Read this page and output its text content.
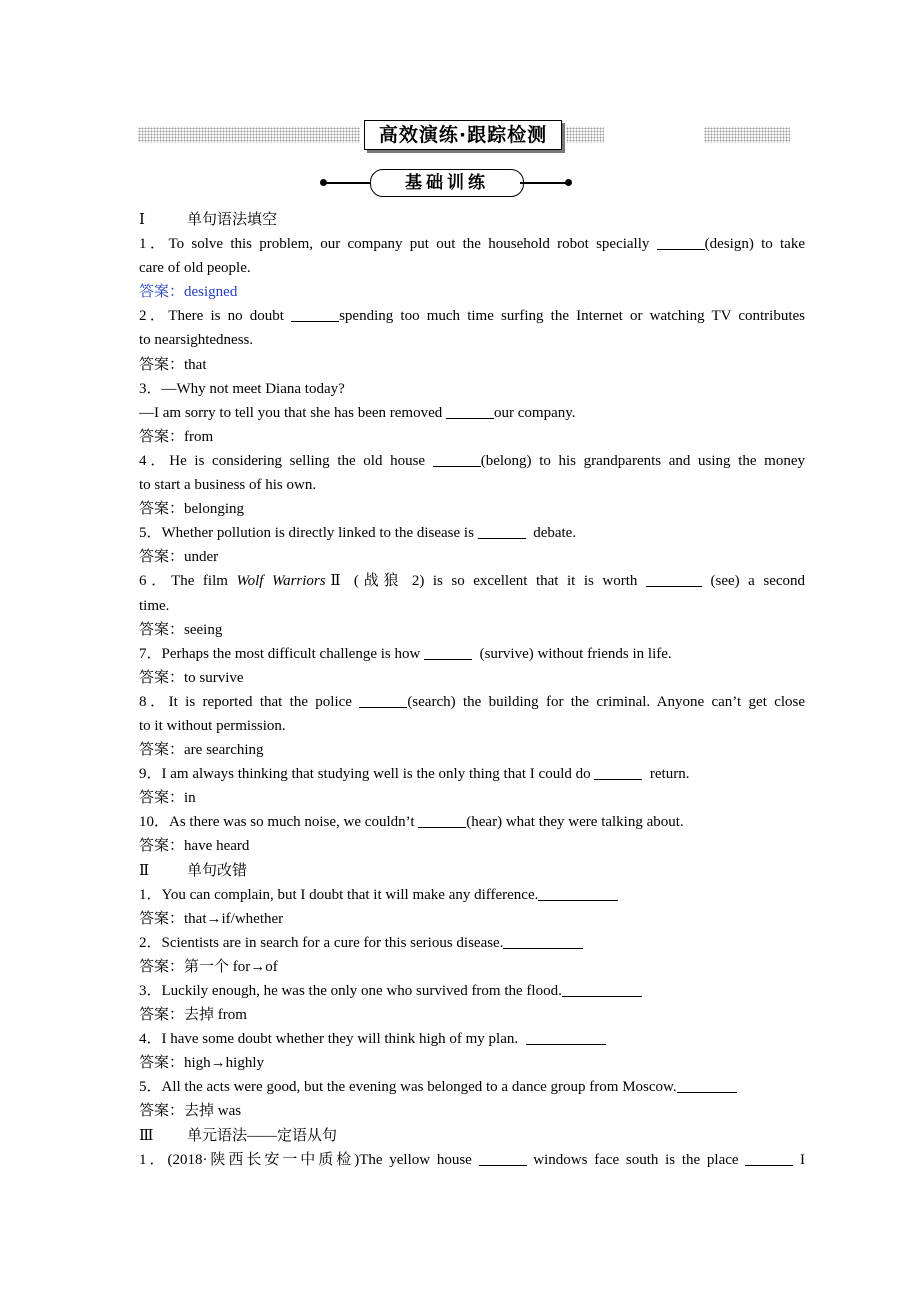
高效演练·跟踪检测
基础训练
Ⅰ	单句语法填空
1．To solve this problem, our company put out the household robot specially	(design) to take
care of old people.
答案：designed
2．There is no doubt	spending too much time surfing the Internet or watching TV contributes
to nearsightedness.
答案：that
3．—Why not meet Diana today?
—I am sorry to tell you that she has been removed	our company.
答案：from
4．He is considering selling the old house	(belong) to his grandparents and using the money
to start a business of his own.
答案：belonging
5．Whether pollution is directly linked to the disease is	debate.
答案：under
6．The film Wolf WarriorsⅡ (战狼 2) is so excellent that it is worth	(see) a second
time.
答案：seeing
7．Perhaps the most difficult challenge is how	(survive) without friends in life.
答案：to survive
8．It is reported that the police	(search) the building for the criminal. Anyone can’t get close
to it without permission.
答案：are searching
9．I am always thinking that studying well is the only thing that I could do	return.
答案：in
10．As there was so much noise, we couldn’t	(hear) what they were talking about.
答案：have heard
Ⅱ	单句改错
1．You can complain, but I doubt that it will make any difference.
答案：that→if/whether
2．Scientists are in search for a cure for this serious disease.
答案：第一个 for→of
3．Luckily enough, he was the only one who survived from the flood.
答案：去掉 from
4．I have some doubt whether they will think high of my plan.
答案：high→highly
5．All the acts were good, but the evening was belonged to a dance group from Moscow.
答案：去掉 was
Ⅲ 单元语法——定语从句
1．(2018·陕西长安一中质检)The yellow house	windows face south is the place	I
